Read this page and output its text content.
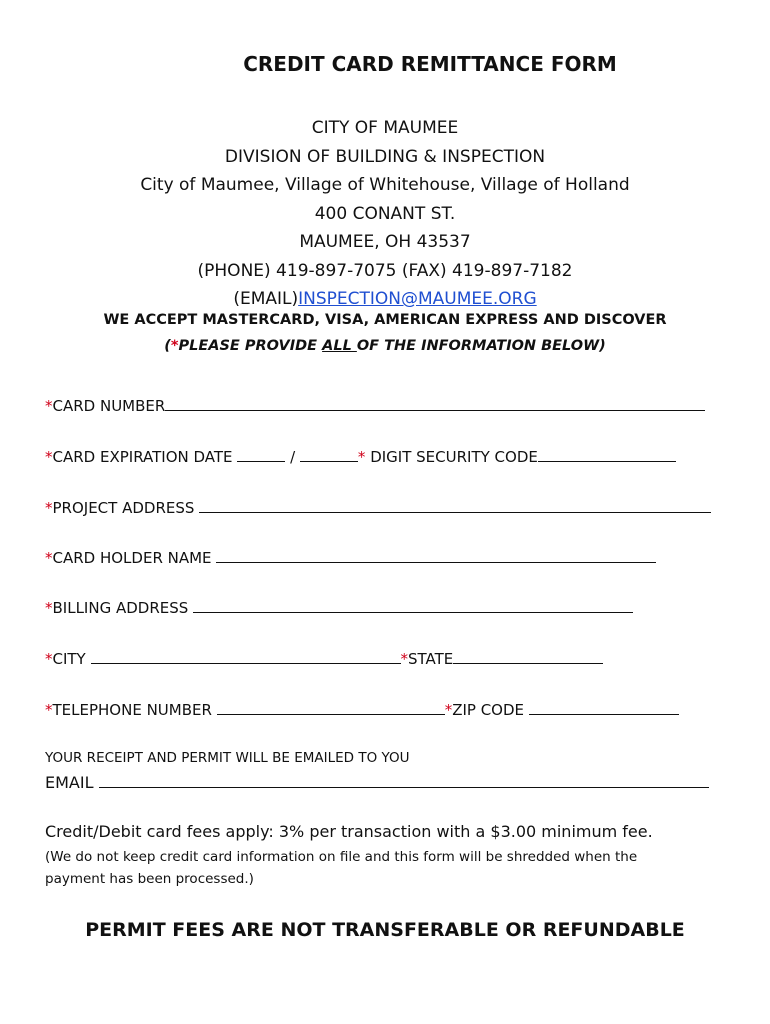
CREDIT CARD REMITTANCE FORM
CITY OF MAUMEE
DIVISION OF BUILDING & INSPECTION
City of Maumee, Village of Whitehouse, Village of Holland
400 CONANT ST.
MAUMEE, OH 43537
(PHONE) 419-897-7075 (FAX) 419-897-7182
(EMAIL)INSPECTION@MAUMEE.ORG
WE ACCEPT MASTERCARD, VISA, AMERICAN EXPRESS AND DISCOVER
(*PLEASE PROVIDE ALL OF THE INFORMATION BELOW)
*CARD NUMBER
*CARD EXPIRATION DATE	/	* DIGIT SECURITY CODE
*PROJECT ADDRESS
*CARD HOLDER NAME
*BILLING ADDRESS
*CITY	*STATE
*TELEPHONE NUMBER	*ZIP CODE
YOUR RECEIPT AND PERMIT WILL BE EMAILED TO YOU
EMAIL
Credit/Debit card fees apply: 3% per transaction with a $3.00 minimum fee.
(We do not keep credit card information on file and this form will be shredded when the payment has been processed.)
PERMIT FEES ARE NOT TRANSFERABLE OR REFUNDABLE
